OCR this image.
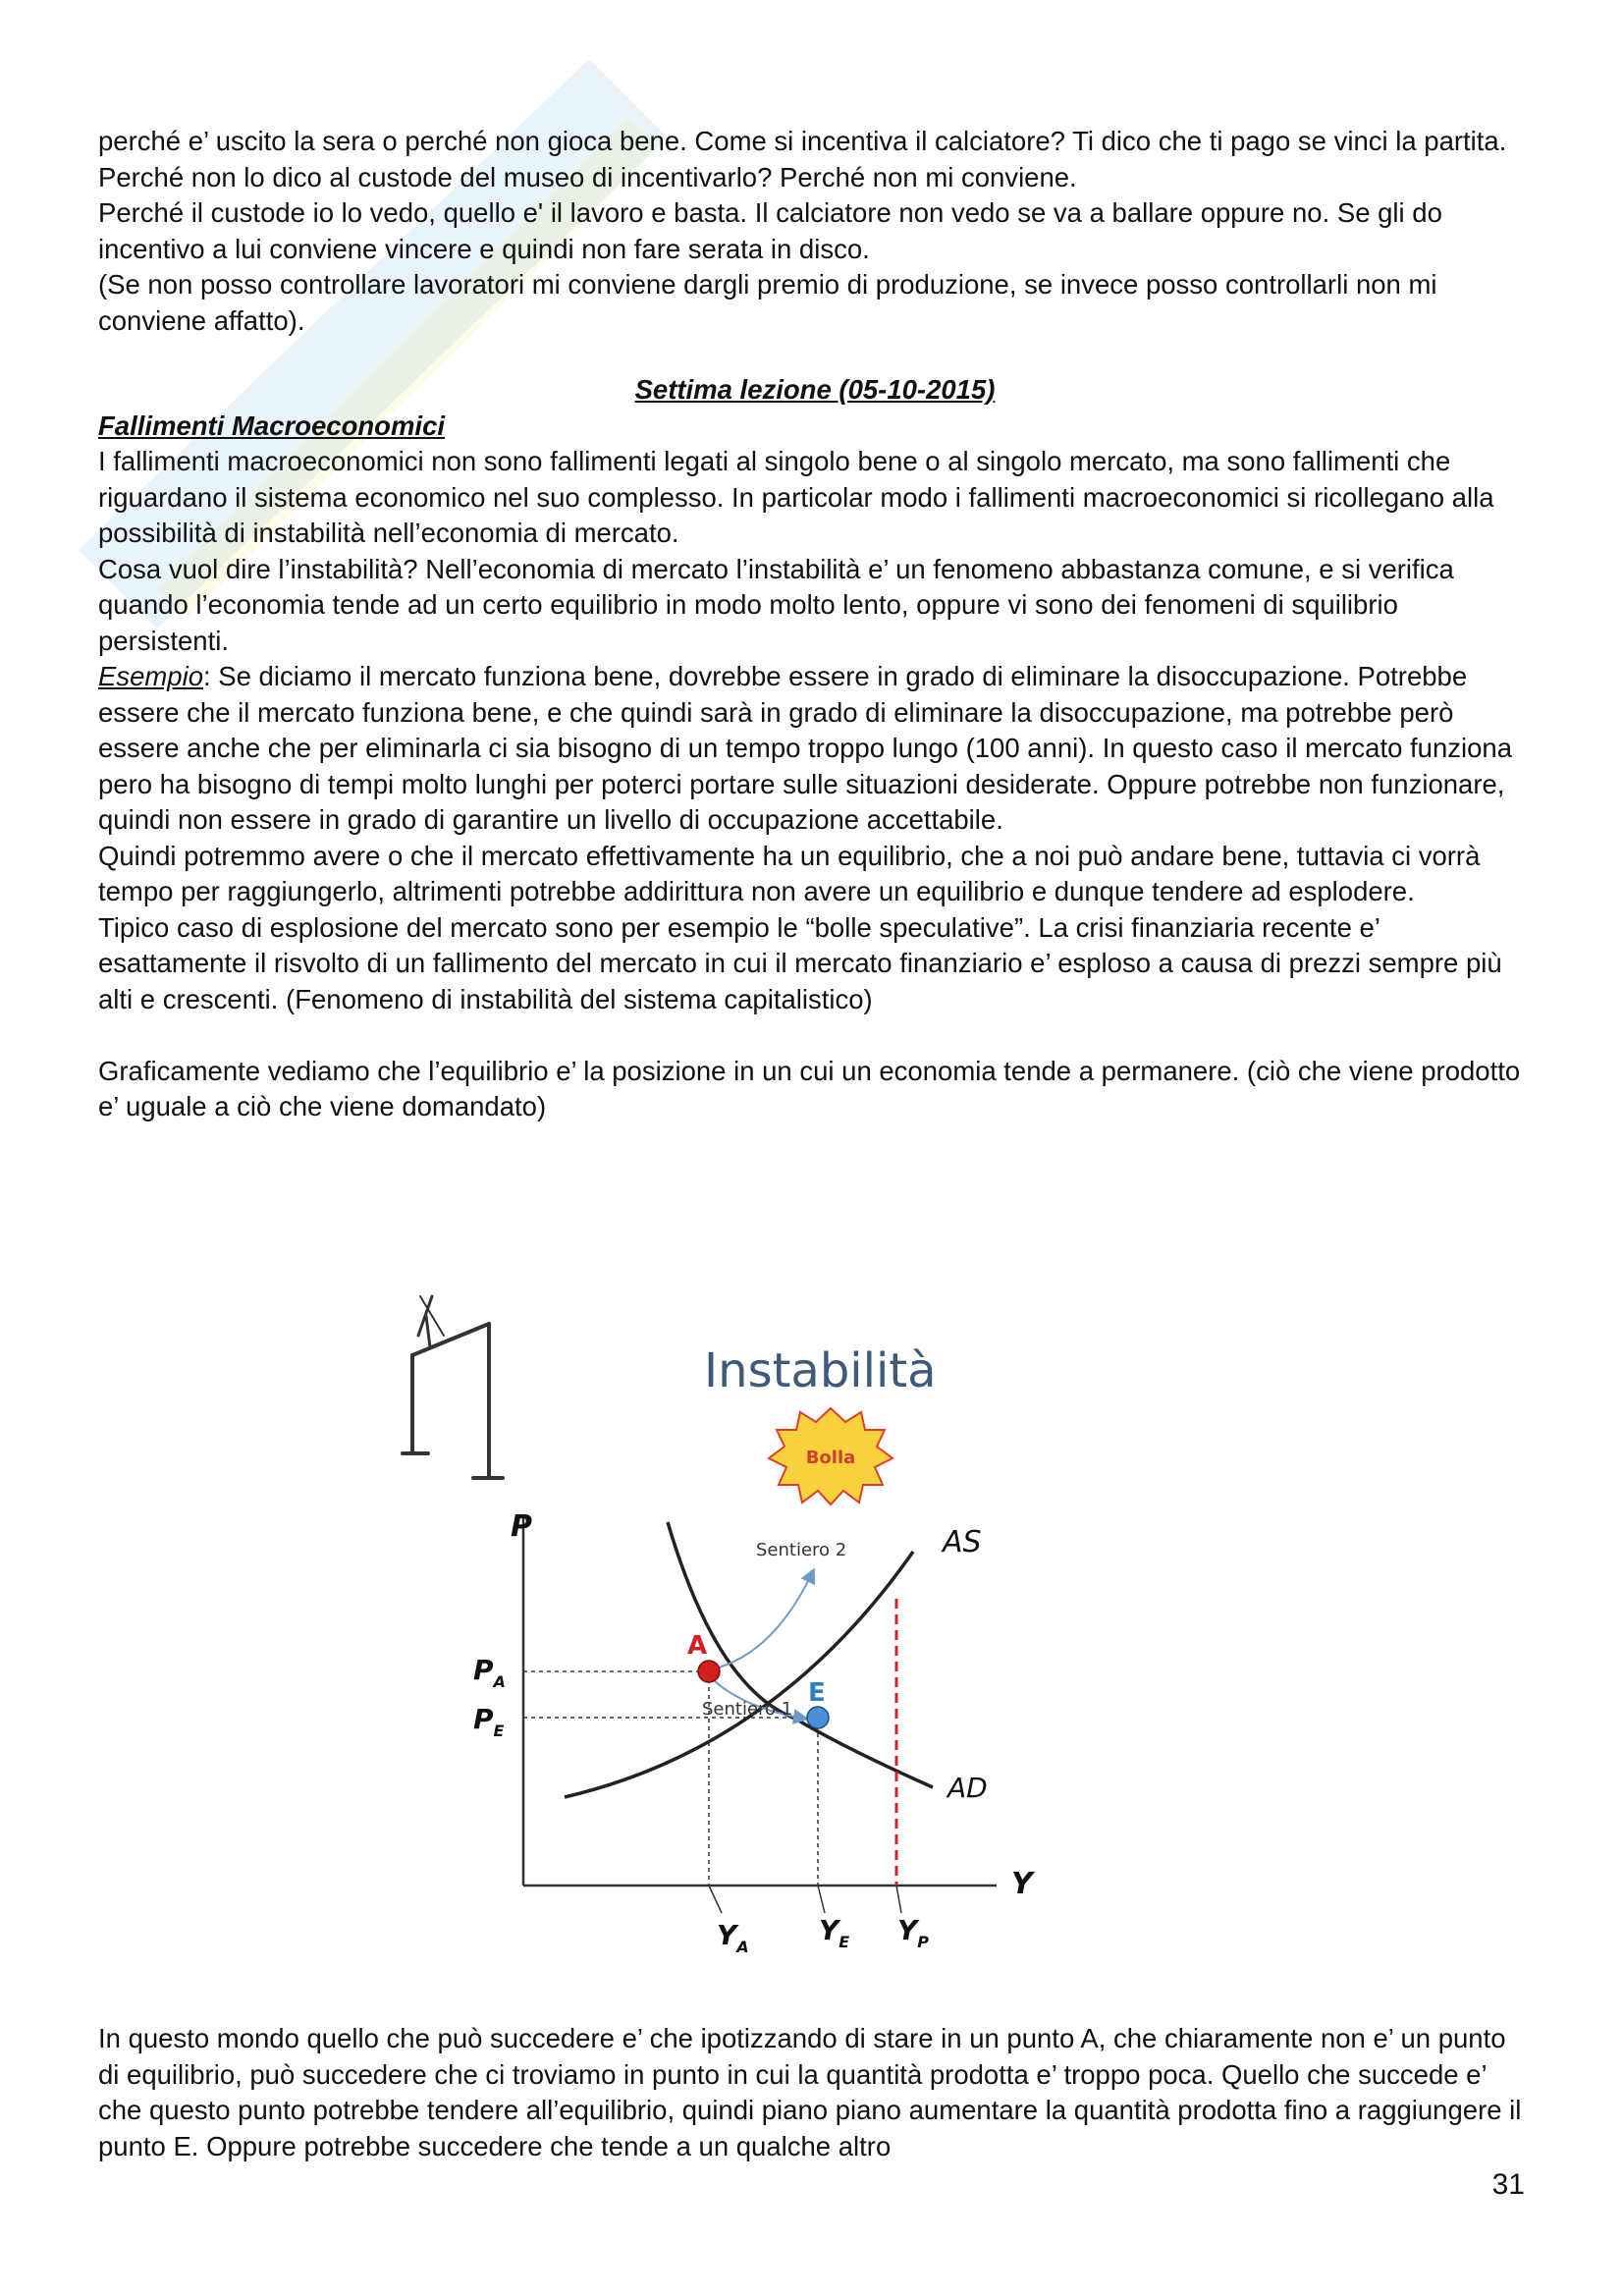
perché e’ uscito la sera o perché non gioca bene. Come si incentiva il calciatore? Ti dico che ti pago se vinci la partita.

Perché non lo dico al custode del museo di incentivarlo? Perché non mi conviene.

Perché il custode io lo vedo, quello e' il lavoro e basta. Il calciatore non vedo se va a ballare oppure no. Se gli do incentivo a lui conviene vincere e quindi non fare serata in disco.

(Se non posso controllare lavoratori mi conviene dargli premio di produzione, se invece posso controllarli non mi conviene affatto).

Settima lezione (05-10-2015)

Fallimenti Macroeconomici

I fallimenti macroeconomici non sono fallimenti legati al singolo bene o al singolo mercato, ma sono fallimenti che riguardano il sistema economico nel suo complesso. In particolar modo i fallimenti macroeconomici si ricollegano alla possibilità di instabilità nell’economia di mercato.

Cosa vuol dire l’instabilità? Nell’economia di mercato l’instabilità e’ un fenomeno abbastanza comune, e si verifica quando l’economia tende ad un certo equilibrio in modo molto lento, oppure vi sono dei fenomeni di squilibrio persistenti.

Esempio: Se diciamo il mercato funziona bene, dovrebbe essere in grado di eliminare la disoccupazione. Potrebbe essere che il mercato funziona bene, e che quindi sarà in grado di eliminare la disoccupazione, ma potrebbe però essere anche che per eliminarla ci sia bisogno di un tempo troppo lungo (100 anni). In questo caso il mercato funziona pero ha bisogno di tempi molto lunghi per poterci portare sulle situazioni desiderate. Oppure potrebbe non funzionare, quindi non essere in grado di garantire un livello di occupazione accettabile.

Quindi potremmo avere o che il mercato effettivamente ha un equilibrio, che a noi può andare bene, tuttavia ci vorrà tempo per raggiungerlo, altrimenti potrebbe addirittura non avere un equilibrio e dunque tendere ad esplodere.

Tipico caso di esplosione del mercato sono per esempio le “bolle speculative”. La crisi finanziaria recente e’ esattamente il risvolto di un fallimento del mercato in cui il mercato finanziario e’ esploso a causa di prezzi sempre più alti e crescenti. (Fenomeno di instabilità del sistema capitalistico)

Graficamente vediamo che l’equilibrio e’ la posizione in un cui un economia tende a permanere. (ciò che viene prodotto e’ uguale a ciò che viene domandato)

Instabilità
Bolla
P
Y
AS
AD
Sentiero 2
Sentiero 1
A
E
$P_A$
$P_E$
$Y_A$
$Y_E$ $Y_P$

In questo mondo quello che può succedere e’ che ipotizzando di stare in un punto A, che chiaramente non e’ un punto di equilibrio, può succedere che ci troviamo in punto in cui la quantità prodotta e’ troppo poca. Quello che succede e’ che questo punto potrebbe tendere all’equilibrio, quindi piano piano aumentare la quantità prodotta fino a raggiungere il punto E. Oppure potrebbe succedere che tende a un qualche altro

31
